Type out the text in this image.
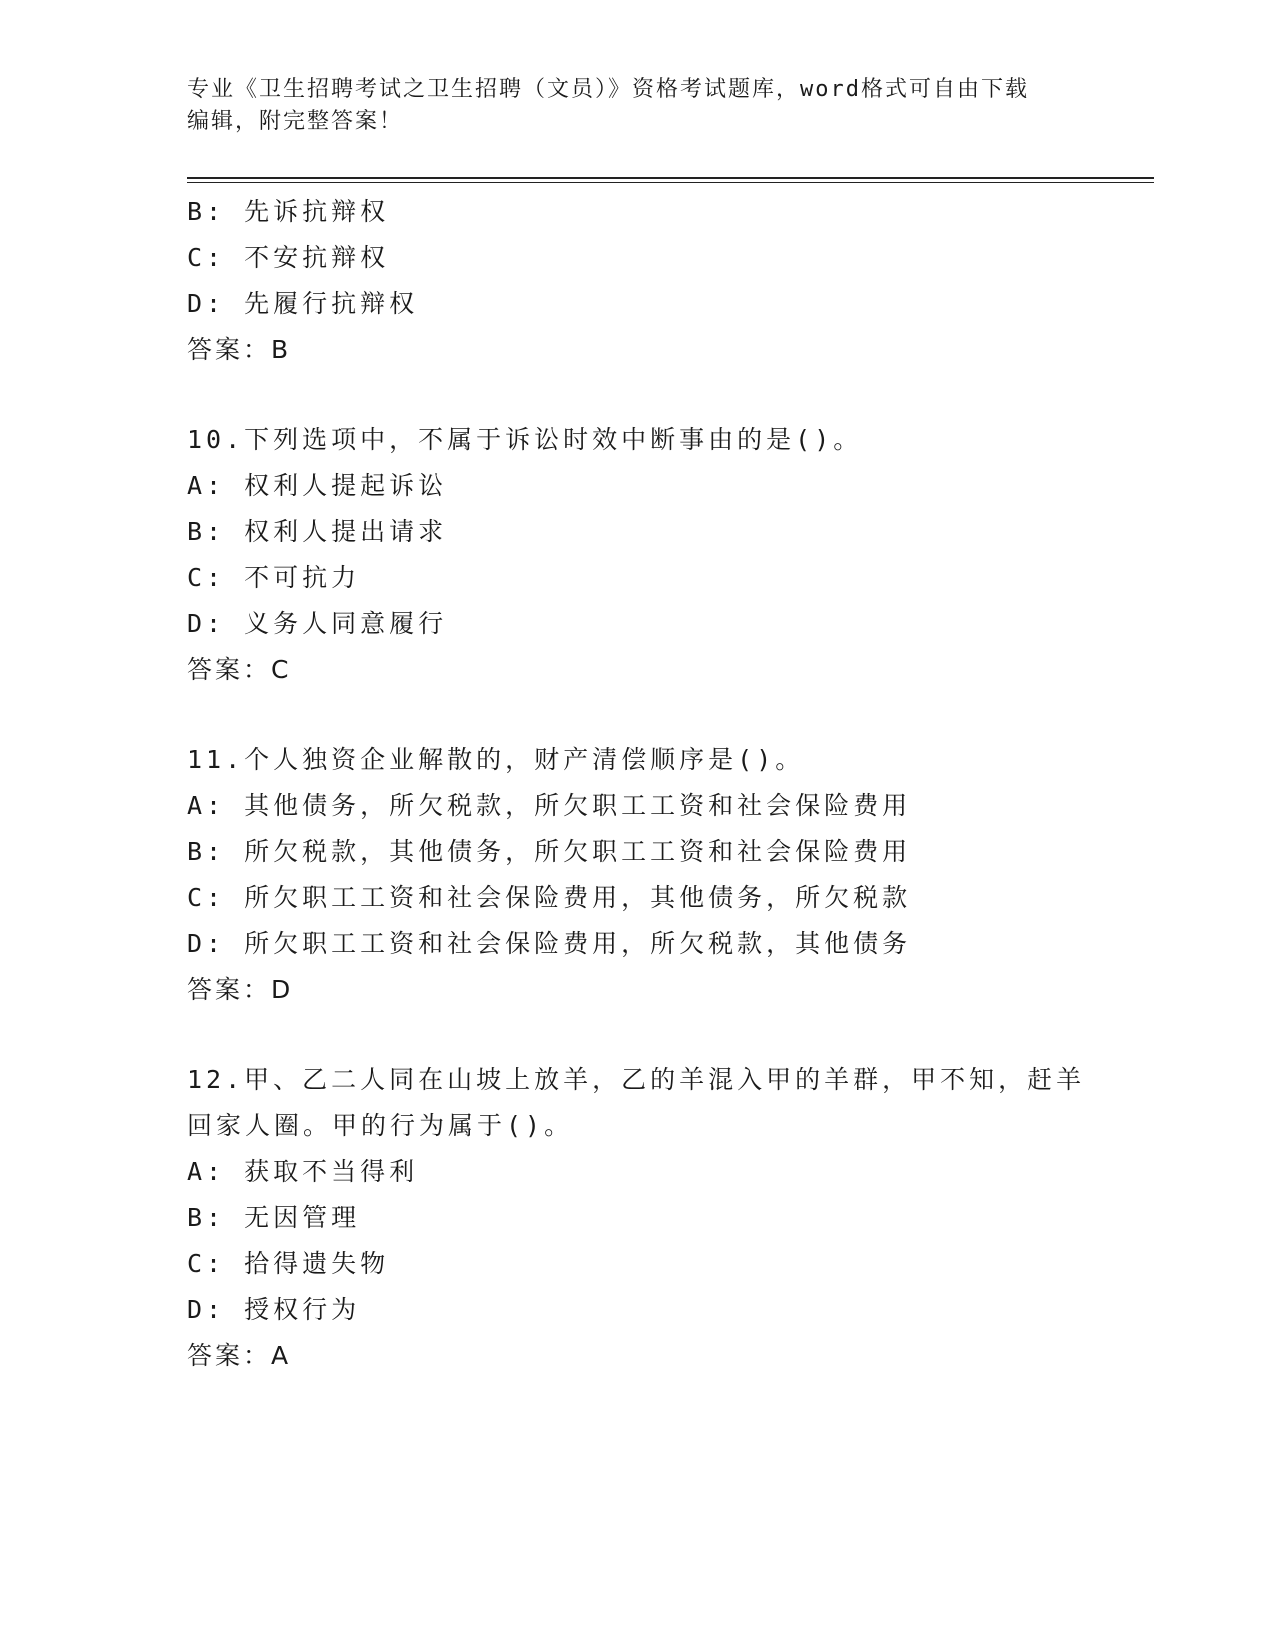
专业《卫生招聘考试之卫生招聘（文员）》资格考试题库，word格式可自由下载
编辑，附完整答案！
B: 先诉抗辩权
C: 不安抗辩权
D: 先履行抗辩权
答案：B
10.下列选项中，不属于诉讼时效中断事由的是()。
A: 权利人提起诉讼
B: 权利人提出请求
C: 不可抗力
D: 义务人同意履行
答案：C
11.个人独资企业解散的，财产清偿顺序是()。
A: 其他债务，所欠税款，所欠职工工资和社会保险费用
B: 所欠税款，其他债务，所欠职工工资和社会保险费用
C: 所欠职工工资和社会保险费用，其他债务，所欠税款
D: 所欠职工工资和社会保险费用，所欠税款，其他债务
答案：D
12.甲、乙二人同在山坡上放羊，乙的羊混入甲的羊群，甲不知，赶羊
回家人圈。甲的行为属于()。
A: 获取不当得利
B: 无因管理
C: 拾得遗失物
D: 授权行为
答案：A
